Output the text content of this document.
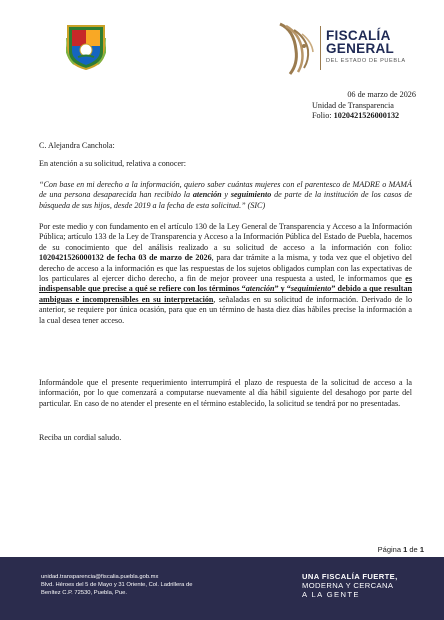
FISCALÍA
GENERAL
DEL ESTADO DE PUEBLA
06 de marzo de 2026
Unidad de Transparencia
Folio: 1020421526000132
C. Alejandra Canchola:
En atención a su solicitud, relativa a conocer:
“Con base en mi derecho a la información, quiero saber cuántas mujeres con el parentesco de MADRE o MAMÁ de una persona desaparecida han recibido la atención y seguimiento de parte de la institución de los casos de búsqueda de sus hijos, desde 2019 a la fecha de esta solicitud.” (SIC)
Por este medio y con fundamento en el artículo 130 de la Ley General de Transparencia y Acceso a la Información Pública; artículo 133 de la Ley de Transparencia y Acceso a la Información Pública del Estado de Puebla, hacemos de su conocimiento que del análisis realizado a su solicitud de acceso a la información con folio: 1020421526000132 de fecha 03 de marzo de 2026, para dar trámite a la misma, y toda vez que el objetivo del derecho de acceso a la información es que las respuestas de los sujetos obligados cumplan con las expectativas de los particulares al ejercer dicho derecho, a fin de mejor proveer una respuesta a usted, le informamos que es indispensable que precise a qué se refiere con los términos “atención” y “seguimiento” debido a que resultan ambiguas e incomprensibles en su interpretación, señaladas en su solicitud de información. Derivado de lo anterior, se requiere por única ocasión, para que en un término de hasta diez días hábiles precise la información a la cual desea tener acceso.
Informándole que el presente requerimiento interrumpirá el plazo de respuesta de la solicitud de acceso a la información, por lo que comenzará a computarse nuevamente al día hábil siguiente del desahogo por parte del particular. En caso de no atender el presente en el término establecido, la solicitud se tendrá por no presentadas.
Reciba un cordial saludo.
Página 1 de 1
unidad.transparencia@fiscalia.puebla.gob.mx
Blvd. Héroes del 5 de Mayo y 31 Oriente, Col. Ladrillera de
Benítez C.P. 72530, Puebla, Pue.
UNA FISCALÍA FUERTE,
MODERNA Y CERCANA
A LA GENTE
